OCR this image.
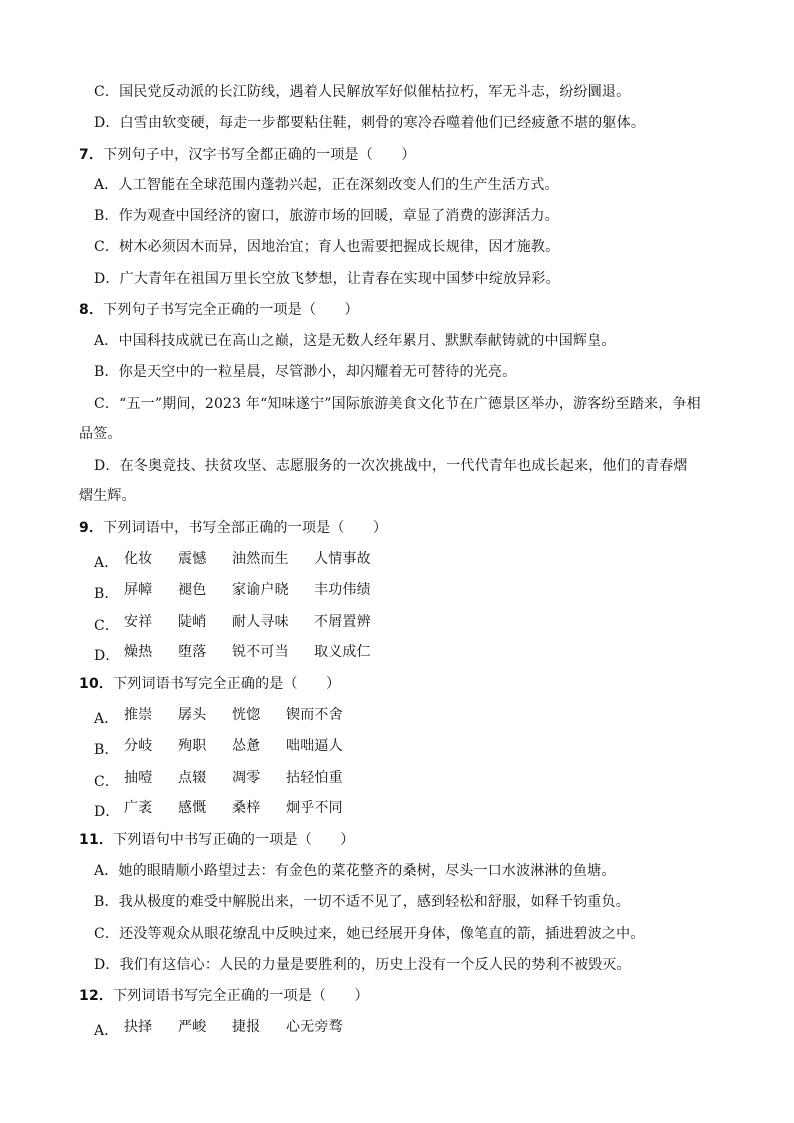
C．国民党反动派的长江防线，遇着人民解放军好似催枯拉朽，军无斗志，纷纷圜退。
D．白雪由软变硬，每走一步都要粘住鞋，刺骨的寒冷吞噬着他们已经疲惫不堪的躯体。
7．下列句子中，汉字书写全都正确的一项是（　　）
A．人工智能在全球范围内蓬勃兴起，正在深刻改变人们的生产生活方式。
B．作为观查中国经济的窗口，旅游市场的回暖，章显了消费的澎湃活力。
C．树木必须因木而异，因地治宜；育人也需要把握成长规律，因才施教。
D．广大青年在祖国万里长空放飞梦想，让青春在实现中国梦中绽放异彩。
8．下列句子书写完全正确的一项是（　　）
A．中国科技成就已在高山之巅，这是无数人经年累月、默默奉献铸就的中国辉皇。
B．你是天空中的一粒星晨，尽管渺小，却闪耀着无可替待的光亮。
C．“五一”期间，2023 年“知味遂宁”国际旅游美食文化节在广德景区举办，游客纷至踏来，争相
品签。
D．在冬奥竞技、扶贫攻坚、志愿服务的一次次挑战中，一代代青年也成长起来，他们的青春熠
熠生辉。
9．下列词语中，书写全部正确的一项是（　　）
A． 化妆 震憾 油然而生 人情事故
B． 屏幛 褪色 家谕户晓 丰功伟绩
C． 安祥 陡峭 耐人寻味 不屑置辨
D． 燥热 堕落 锐不可当 取义成仁
10．下列词语书写完全正确的是（　　）
A． 推崇 孱头 恍惚 锲而不舍
B． 分岐 殉职 怂惫 咄咄逼人
C． 抽噎 点辍 凋零 拈轻怕重
D． 广袤 感慨 桑梓 炯乎不同
11．下列语句中书写正确的一项是（　　）
A．她的眼睛顺小路望过去：有金色的菜花整齐的桑树，尽头一口水波淋淋的鱼塘。
B．我从极度的难受中解脱出来，一切不适不见了，感到轻松和舒服，如释千钧重负。
C．还没等观众从眼花缭乱中反映过来，她已经展开身体，像笔直的箭，插进碧波之中。
D．我们有这信心：人民的力量是要胜利的，历史上没有一个反人民的势利不被毁灭。
12．下列词语书写完全正确的一项是（　　）
A． 抉择 严峻 捷报 心无旁骛
